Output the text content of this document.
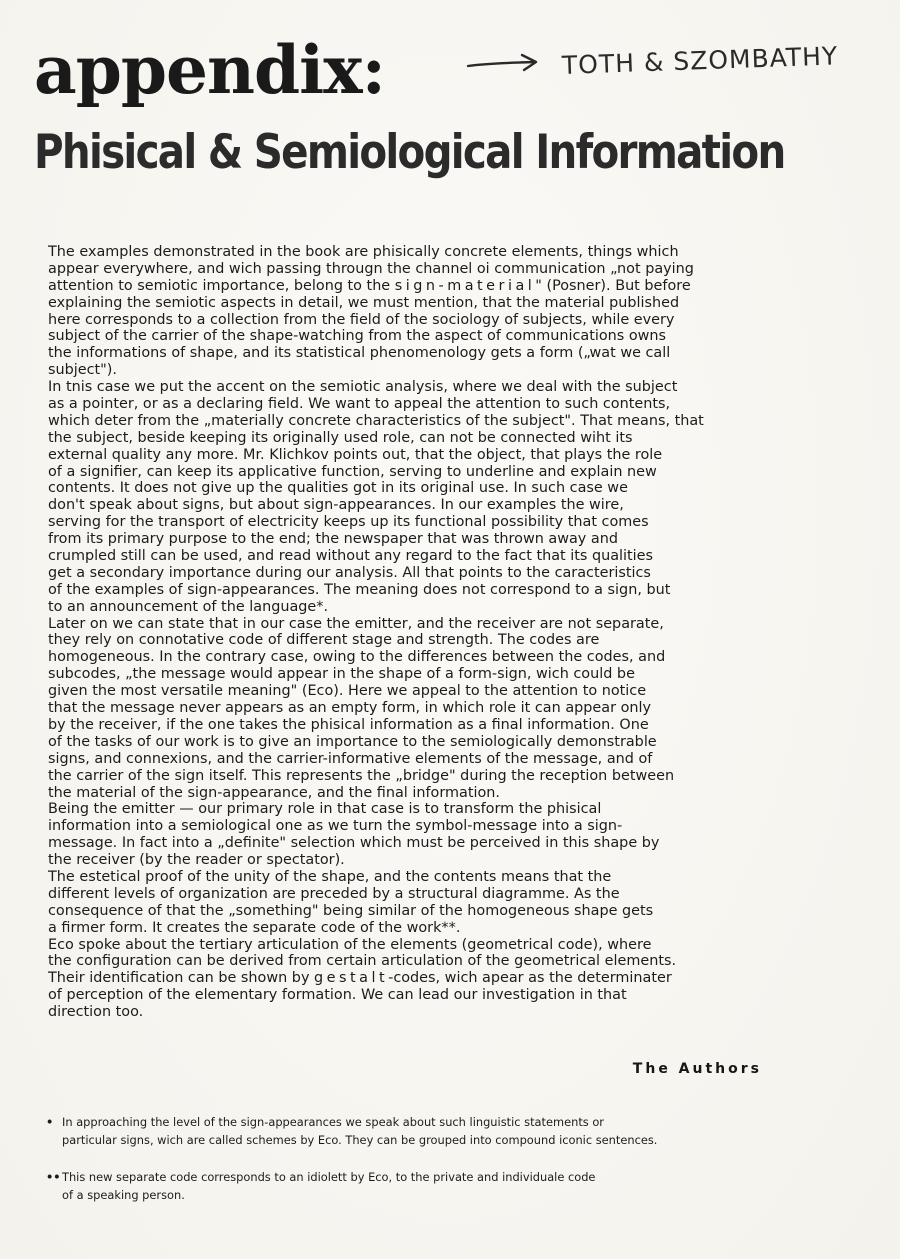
appendix:	TOTH & SZOMBATHY
Phisical & Semiological Information
The examples demonstrated in the book are phisically concrete elements, things which
appear everywhere, and wich passing througn the channel oi communication „not paying
attention to semiotic importance, belong to the sign-material" (Posner). But before
explaining the semiotic aspects in detail, we must mention, that the material published
here corresponds to a collection from the field of the sociology of subjects, while every
subject of the carrier of the shape-watching from the aspect of communications owns
the informations of shape, and its statistical phenomenology gets a form („wat we call
subject").
In tnis case we put the accent on the semiotic analysis, where we deal with the subject
as a pointer, or as a declaring field. We want to appeal the attention to such contents,
which deter from the „materially concrete characteristics of the subject". That means, that
the subject, beside keeping its originally used role, can not be connected wiht its
external quality any more. Mr. Klichkov points out, that the object, that plays the role
of a signifier, can keep its applicative function, serving to underline and explain new
contents. It does not give up the qualities got in its original use. In such case we
don't speak about signs, but about sign-appearances. In our examples the wire,
serving for the transport of electricity keeps up its functional possibility that comes
from its primary purpose to the end; the newspaper that was thrown away and
crumpled still can be used, and read without any regard to the fact that its qualities
get a secondary importance during our analysis. All that points to the caracteristics
of the examples of sign-appearances. The meaning does not correspond to a sign, but
to an announcement of the language*.
Later on we can state that in our case the emitter, and the receiver are not separate,
they rely on connotative code of different stage and strength. The codes are
homogeneous. In the contrary case, owing to the differences between the codes, and
subcodes, „the message would appear in the shape of a form-sign, wich could be
given the most versatile meaning" (Eco). Here we appeal to the attention to notice
that the message never appears as an empty form, in which role it can appear only
by the receiver, if the one takes the phisical information as a final information. One
of the tasks of our work is to give an importance to the semiologically demonstrable
signs, and connexions, and the carrier-informative elements of the message, and of
the carrier of the sign itself. This represents the „bridge" during the reception between
the material of the sign-appearance, and the final information.
Being the emitter — our primary role in that case is to transform the phisical
information into a semiological one as we turn the symbol-message into a sign-
message. In fact into a „definite" selection which must be perceived in this shape by
the receiver (by the reader or spectator).
The estetical proof of the unity of the shape, and the contents means that the
different levels of organization are preceded by a structural diagramme. As the
consequence of that the „something" being similar of the homogeneous shape gets
a firmer form. It creates the separate code of the work**.
Eco spoke about the tertiary articulation of the elements (geometrical code), where
the configuration can be derived from certain articulation of the geometrical elements.
Their identification can be shown by gestalt-codes, wich apear as the determinater
of perception of the elementary formation. We can lead our investigation in that
direction too.
The Authors
• In approaching the level of the sign-appearances we speak about such linguistic statements or
particular signs, wich are called schemes by Eco. They can be grouped into compound iconic sentences.
••This new separate code corresponds to an idiolett by Eco, to the private and individuale code
of a speaking person.
